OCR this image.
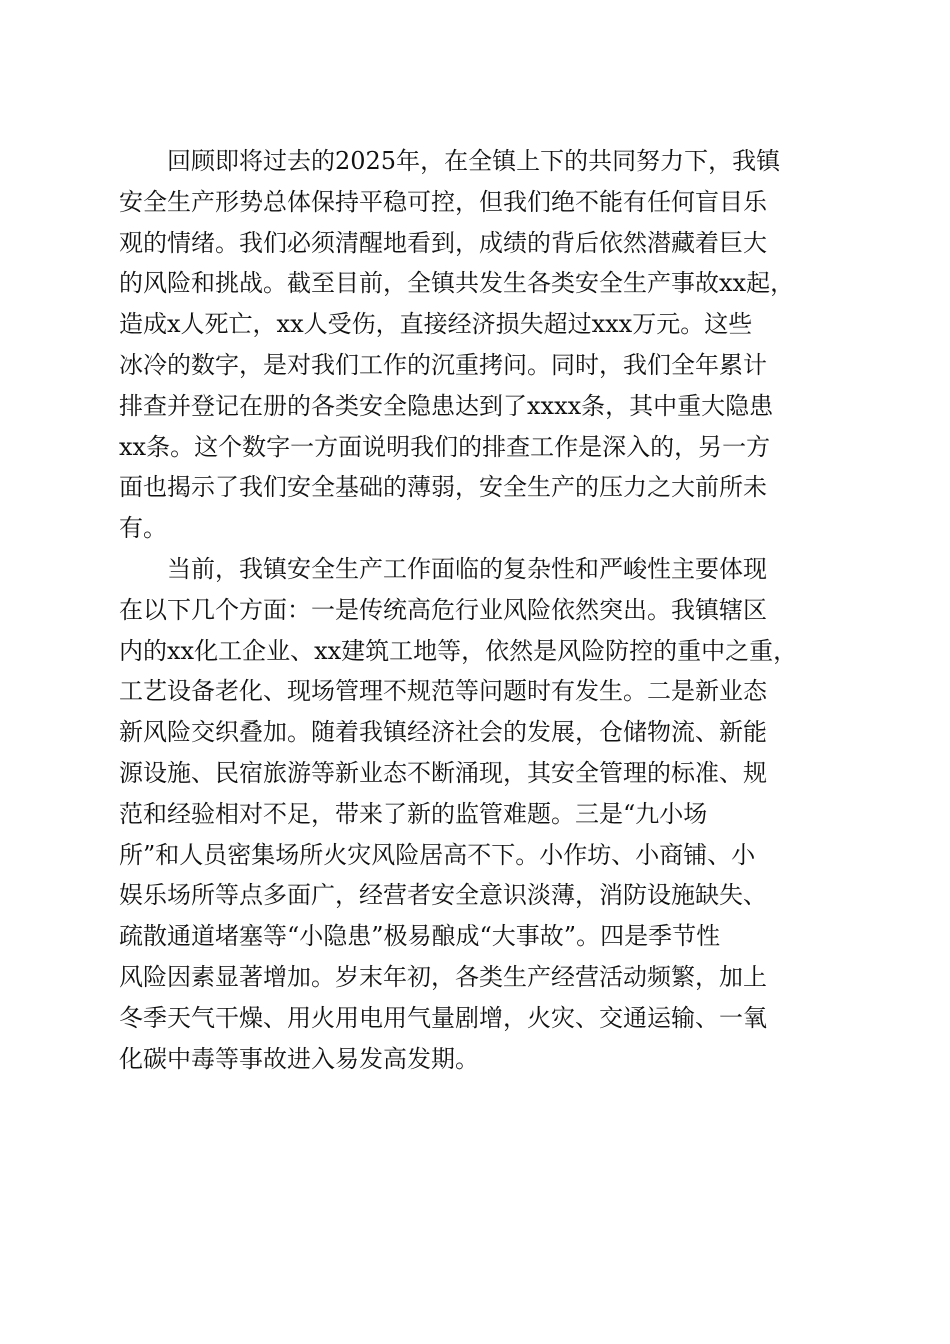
回顾即将过去的2025年，在全镇上下的共同努力下，我镇
安全生产形势总体保持平稳可控，但我们绝不能有任何盲目乐
观的情绪。我们必须清醒地看到，成绩的背后依然潜藏着巨大
的风险和挑战。截至目前，全镇共发生各类安全生产事故xx起，
造成x人死亡，xx人受伤，直接经济损失超过xxx万元。这些
冰冷的数字，是对我们工作的沉重拷问。同时，我们全年累计
排查并登记在册的各类安全隐患达到了xxxx条，其中重大隐患
xx条。这个数字一方面说明我们的排查工作是深入的，另一方
面也揭示了我们安全基础的薄弱，安全生产的压力之大前所未
有。

当前，我镇安全生产工作面临的复杂性和严峻性主要体现
在以下几个方面：一是传统高危行业风险依然突出。我镇辖区
内的xx化工企业、xx建筑工地等，依然是风险防控的重中之重，
工艺设备老化、现场管理不规范等问题时有发生。二是新业态
新风险交织叠加。随着我镇经济社会的发展，仓储物流、新能
源设施、民宿旅游等新业态不断涌现，其安全管理的标准、规
范和经验相对不足，带来了新的监管难题。三是“九小场
所”和人员密集场所火灾风险居高不下。小作坊、小商铺、小
娱乐场所等点多面广，经营者安全意识淡薄，消防设施缺失、
疏散通道堵塞等“小隐患”极易酿成“大事故”。四是季节性
风险因素显著增加。岁末年初，各类生产经营活动频繁，加上
冬季天气干燥、用火用电用气量剧增，火灾、交通运输、一氧
化碳中毒等事故进入易发高发期。
